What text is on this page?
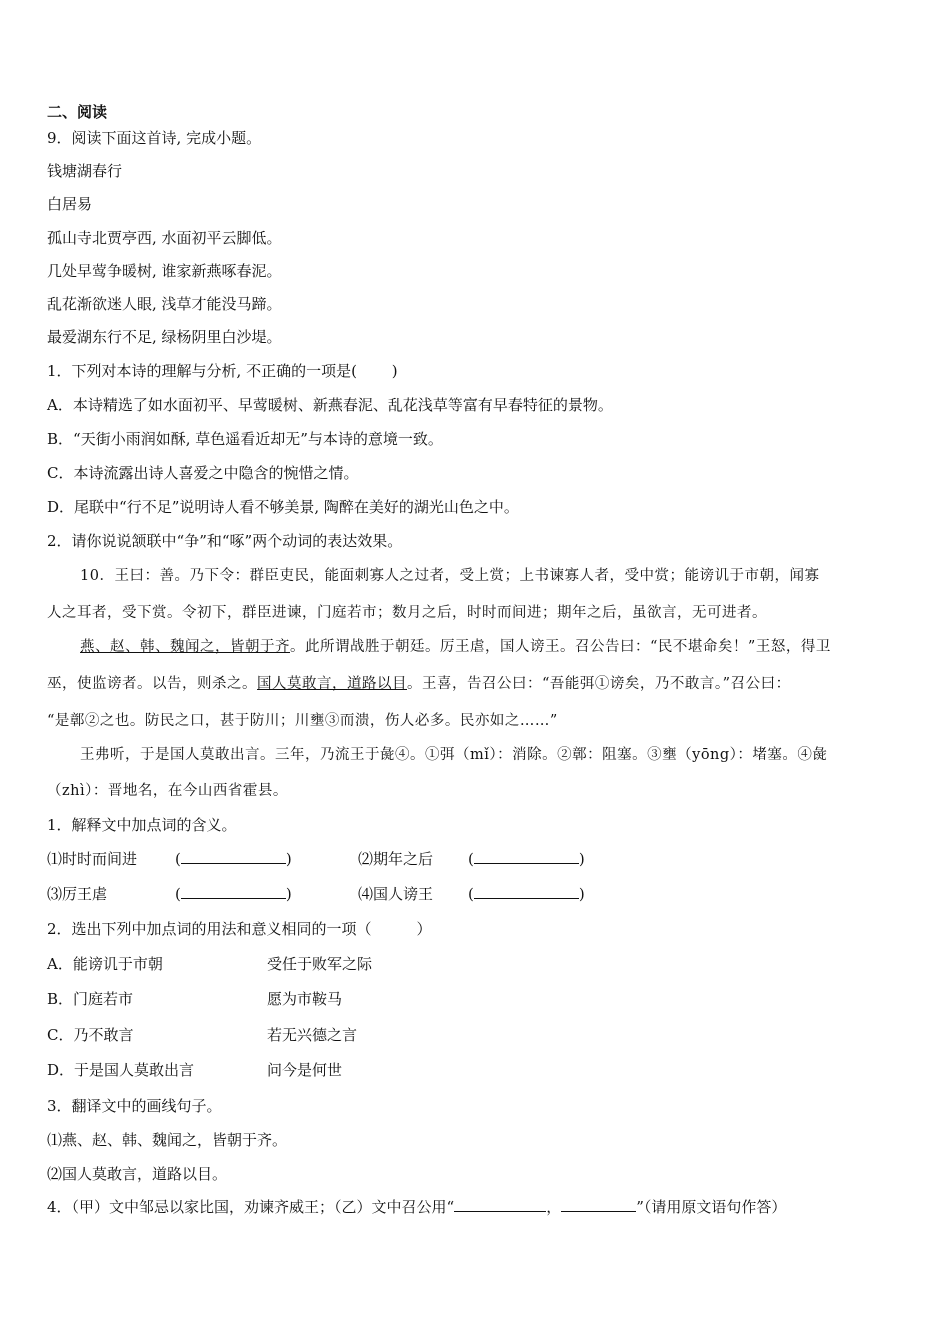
二、阅读
9．阅读下面这首诗, 完成小题。
钱塘湖春行
白居易
孤山寺北贾亭西, 水面初平云脚低。
几处早莺争暖树, 谁家新燕啄春泥。
乱花渐欲迷人眼, 浅草才能没马蹄。
最爱湖东行不足, 绿杨阴里白沙堤。
1．下列对本诗的理解与分析, 不正确的一项是(　　 )
A．本诗精选了如水面初平、早莺暖树、新燕春泥、乱花浅草等富有早春特征的景物。
B．“天街小雨润如酥, 草色遥看近却无”与本诗的意境一致。
C．本诗流露出诗人喜爱之中隐含的惋惜之情。
D．尾联中“行不足”说明诗人看不够美景, 陶醉在美好的湖光山色之中。
2．请你说说颔联中“争”和“啄”两个动词的表达效果。
10．王曰：善。乃下令：群臣吏民，能面刺寡人之过者，受上赏；上书谏寡人者，受中赏；能谤讥于市朝，闻寡
人之耳者，受下赏。令初下，群臣进谏，门庭若市；数月之后，时时而间进；期年之后，虽欲言，无可进者。
燕、赵、韩、魏闻之，皆朝于齐。此所谓战胜于朝廷。厉王虐，国人谤王。召公告曰：“民不堪命矣！”王怒，得卫
巫，使监谤者。以告，则杀之。国人莫敢言，道路以目。王喜，告召公曰：“吾能弭①谤矣，乃不敢言。”召公曰：
“是鄣②之也。防民之口，甚于防川；川壅③而溃，伤人必多。民亦如之……”
王弗听，于是国人莫敢出言。三年，乃流王于彘④。①弭（mǐ）：消除。②鄣：阻塞。③壅（yōng）：堵塞。④彘
（zhì）：晋地名，在今山西省霍县。
1．解释文中加点词的含义。
⑴时时而间进	(	)	⑵期年之后 (	)
⑶厉王虐	(	)	⑷国人谤王 (	)
2．选出下列中加点词的用法和意义相同的一项（　　　）
A．能谤讥于市朝	受任于败军之际
B．门庭若市	愿为市鞍马
C．乃不敢言	若无兴德之言
D．于是国人莫敢出言	问今是何世
3．翻译文中的画线句子。
⑴燕、赵、韩、魏闻之，皆朝于齐。
⑵国人莫敢言，道路以目。
4．（甲）文中邹忌以家比国，劝谏齐威王；（乙）文中召公用“	，	”（请用原文语句作答）
